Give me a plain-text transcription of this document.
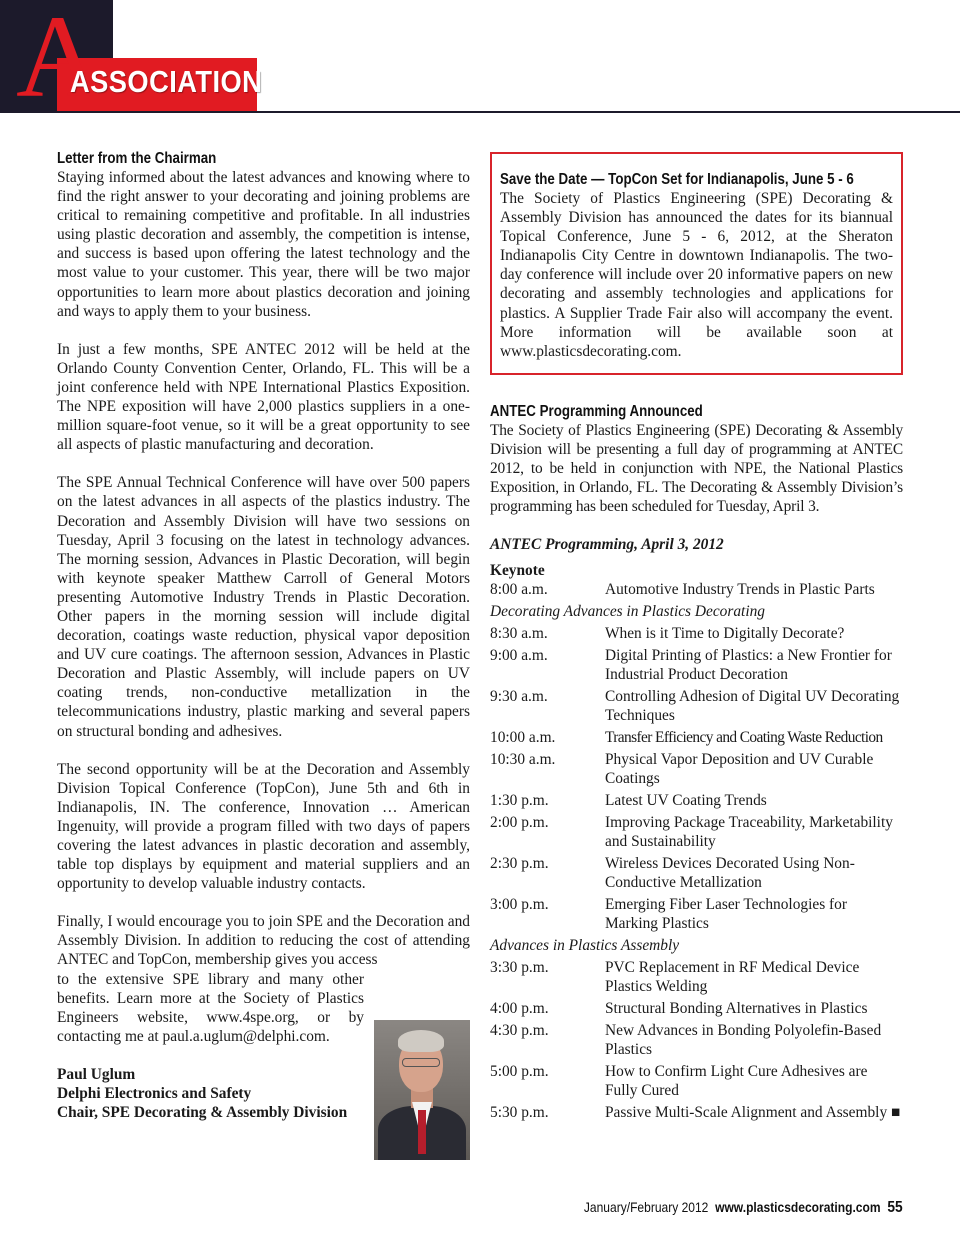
A
ASSOCIATION
Letter from the Chairman

Staying informed about the latest advances and knowing where to find the right answer to your decorating and joining problems are critical to remaining competitive and profitable. In all industries using plastic decoration and assembly, the competition is intense, and success is based upon offering the latest technology and the most value to your customer. This year, there will be two major opportunities to learn more about plastics decoration and joining and ways to apply them to your business.

In just a few months, SPE ANTEC 2012 will be held at the Orlando County Convention Center, Orlando, FL. This will be a joint conference held with NPE International Plastics Exposition. The NPE exposition will have 2,000 plastics suppliers in a one-million square-foot venue, so it will be a great opportunity to see all aspects of plastic manufacturing and decoration.

The SPE Annual Technical Conference will have over 500 papers on the latest advances in all aspects of the plastics industry. The Decoration and Assembly Division will have two sessions on Tuesday, April 3 focusing on the latest in technology advances. The morning session, Advances in Plastic Decoration, will begin with keynote speaker Matthew Carroll of General Motors presenting Automotive Industry Trends in Plastic Decoration. Other papers in the morning session will include digital decoration, coatings waste reduction, physical vapor deposition and UV cure coatings. The afternoon session, Advances in Plastic Decoration and Plastic Assembly, will include papers on UV coating trends, non-conductive metallization in the telecommunications industry, plastic marking and several papers on structural bonding and adhesives.

The second opportunity will be at the Decoration and Assembly Division Topical Conference (TopCon), June 5th and 6th in Indianapolis, IN. The conference, Innovation … American Ingenuity, will provide a program filled with two days of papers covering the latest advances in plastic decoration and assembly, table top displays by equipment and material suppliers and an opportunity to develop valuable industry contacts.

Finally, I would encourage you to join SPE and the Decoration and Assembly Division. In addition to reducing the cost of attending ANTEC and TopCon, membership gives you access

to the extensive SPE library and many other benefits. Learn more at the Society of Plastics Engineers website, www.4spe.org, or by contacting me at paul.a.uglum@delphi.com.

Paul Uglum
Delphi Electronics and Safety
Chair, SPE Decorating & Assembly Division
Save the Date — TopCon Set for Indianapolis, June 5 - 6

The Society of Plastics Engineering (SPE) Decorating & Assembly Division has announced the dates for its biannual Topical Conference, June 5 - 6, 2012, at the Sheraton Indianapolis City Centre in downtown Indianapolis. The two-day conference will include over 20 informative papers on new decorating and assembly technologies and applications for plastics. A Supplier Trade Fair also will accompany the event. More information will be available soon at www.plasticsdecorating.com.

ANTEC Programming Announced

The Society of Plastics Engineering (SPE) Decorating & Assembly Division will be presenting a full day of programming at ANTEC 2012, to be held in conjunction with NPE, the National Plastics Exposition, in Orlando, FL. The Decorating & Assembly Division’s programming has been scheduled for Tuesday, April 3.

ANTEC Programming, April 3, 2012
Keynote
8:00 a.m.	Automotive Industry Trends in Plastic Parts
Decorating Advances in Plastics Decorating
8:30 a.m.	When is it Time to Digitally Decorate?
9:00 a.m.	Digital Printing of Plastics: a New Frontier for Industrial Product Decoration
9:30 a.m.	Controlling Adhesion of Digital UV Decorating Techniques
10:00 a.m.	Transfer Efficiency and Coating Waste Reduction
10:30 a.m.	Physical Vapor Deposition and UV Curable Coatings
1:30 p.m.	Latest UV Coating Trends
2:00 p.m.	Improving Package Traceability, Marketability and Sustainability
2:30 p.m.	Wireless Devices Decorated Using Non-Conductive Metallization
3:00 p.m.	Emerging Fiber Laser Technologies for Marking Plastics
Advances in Plastics Assembly
3:30 p.m.	PVC Replacement in RF Medical Device Plastics Welding
4:00 p.m.	Structural Bonding Alternatives in Plastics
4:30 p.m.	New Advances in Bonding Polyolefin-Based Plastics
5:00 p.m.	How to Confirm Light Cure Adhesives are Fully Cured
5:30 p.m.	Passive Multi-Scale Alignment and Assembly ■
January/February 2012 www.plasticsdecorating.com 55
